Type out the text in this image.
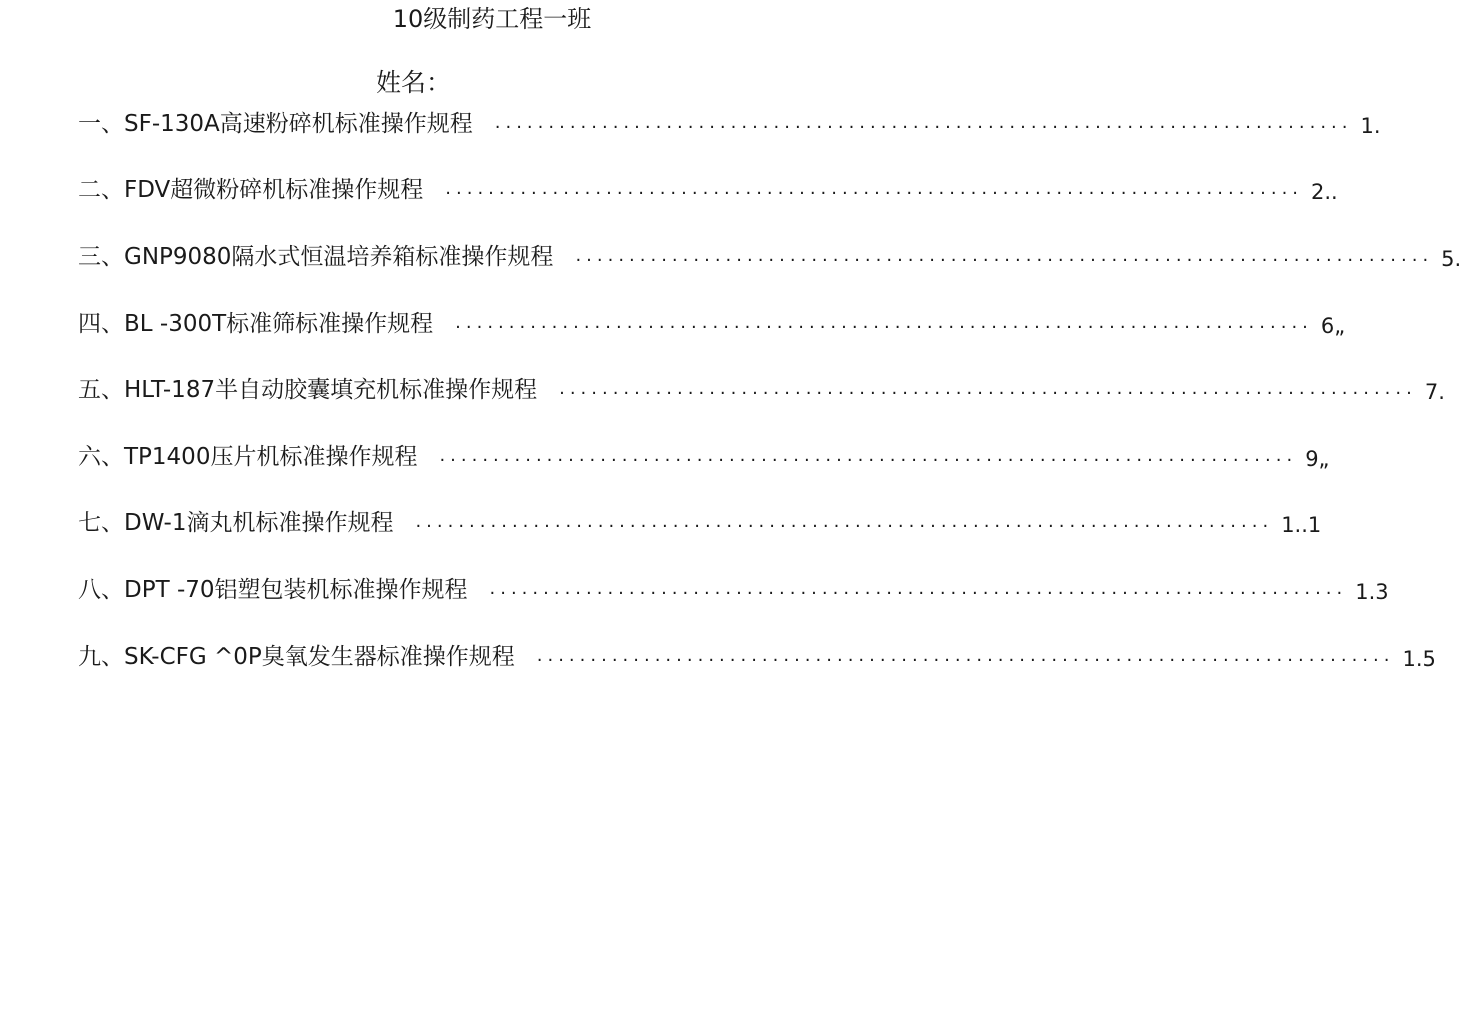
10级制药工程一班
姓名：
一、 SF-130A高速粉碎机标准操作规程 ................................................................................ 1.
二、 FDV超微粉碎机标准操作规程 ................................................................................ 2..
三、 GNP9080隔水式恒温培养箱标准操作规程 ................................................................................ 5.
四、 BL -300T标准筛标准操作规程 ................................................................................ 6„
五、 HLT-187半自动胶囊填充机标准操作规程 ................................................................................ 7.
六、 TP1400压片机标准操作规程 ................................................................................ 9„
七、 DW-1滴丸机标准操作规程 ................................................................................ 1..1
八、 DPT -70铝塑包装机标准操作规程 ................................................................................ 1.3
九、 SK-CFG ^0P臭氧发生器标准操作规程 ................................................................................ 1.5
